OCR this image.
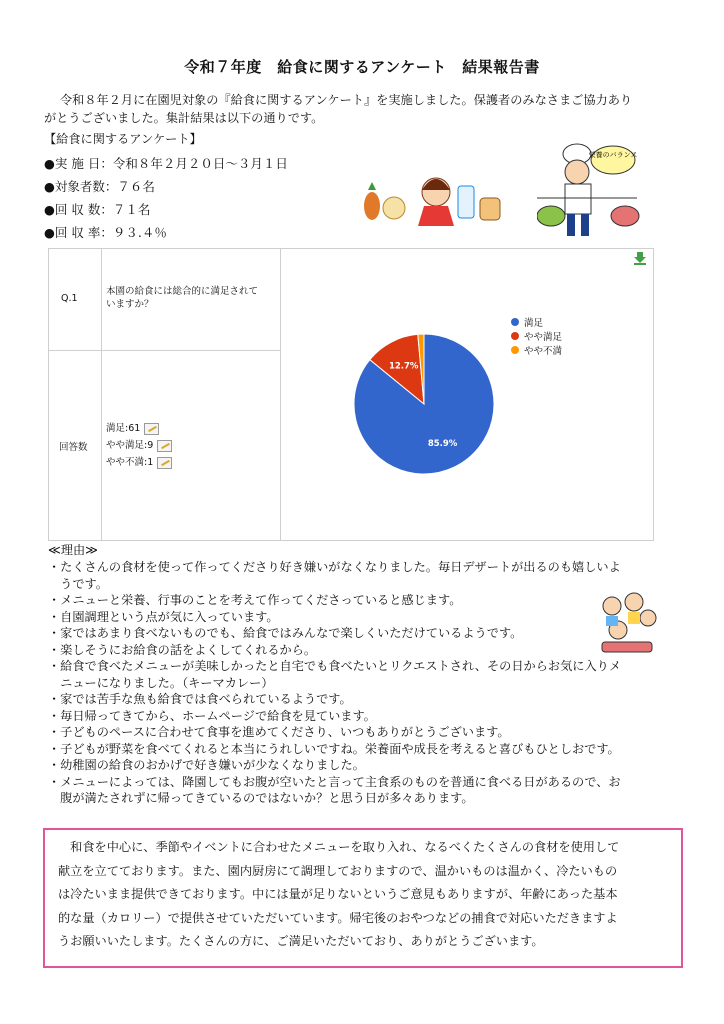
令和７年度　給食に関するアンケート　結果報告書
令和８年２月に在園児対象の『給食に関するアンケート』を実施しました。保護者のみなさまご協力あり
がとうございました。集計結果は以下の通りです。
【給食に関するアンケート】
●実 施 日：令和８年２月２０日～３月１日
●対象者数：７６名
●回 収 数：７１名
●回 収 率：９３.４％
栄養のバランス
Q.1
本園の給食には総合的に満足されて
いますか？
回答数
満足:61
やや満足:9
やや不満:1
85.9%
12.7%
満足
やや満足
やや不満
≪理由≫
・たくさんの食材を使って作ってくださり好き嫌いがなくなりました。毎日デザートが出るのも嬉しいよ
　うです。
・メニューと栄養、行事のことを考えて作ってくださっていると感じます。
・自園調理という点が気に入っています。
・家ではあまり食べないものでも、給食ではみんなで楽しくいただけているようです。
・楽しそうにお給食の話をよくしてくれるから。
・給食で食べたメニューが美味しかったと自宅でも食べたいとリクエストされ、その日からお気に入りメ
　ニューになりました。（キーマカレー）
・家では苦手な魚も給食では食べられているようです。
・毎日帰ってきてから、ホームページで給食を見ています。
・子どものペースに合わせて食事を進めてくださり、いつもありがとうございます。
・子どもが野菜を食べてくれると本当にうれしいですね。栄養面や成長を考えると喜びもひとしおです。
・幼稚園の給食のおかげで好き嫌いが少なくなりました。
・メニューによっては、降園してもお腹が空いたと言って主食系のものを普通に食べる日があるので、お
　腹が満たされずに帰ってきているのではないか？と思う日が多々あります。
　和食を中心に、季節やイベントに合わせたメニューを取り入れ、なるべくたくさんの食材を使用して
献立を立てております。また、園内厨房にて調理しておりますので、温かいものは温かく、冷たいもの
は冷たいまま提供できております。中には量が足りないというご意見もありますが、年齢にあった基本
的な量（カロリー）で提供させていただいています。帰宅後のおやつなどの捕食で対応いただきますよ
うお願いいたします。たくさんの方に、ご満足いただいており、ありがとうございます。
